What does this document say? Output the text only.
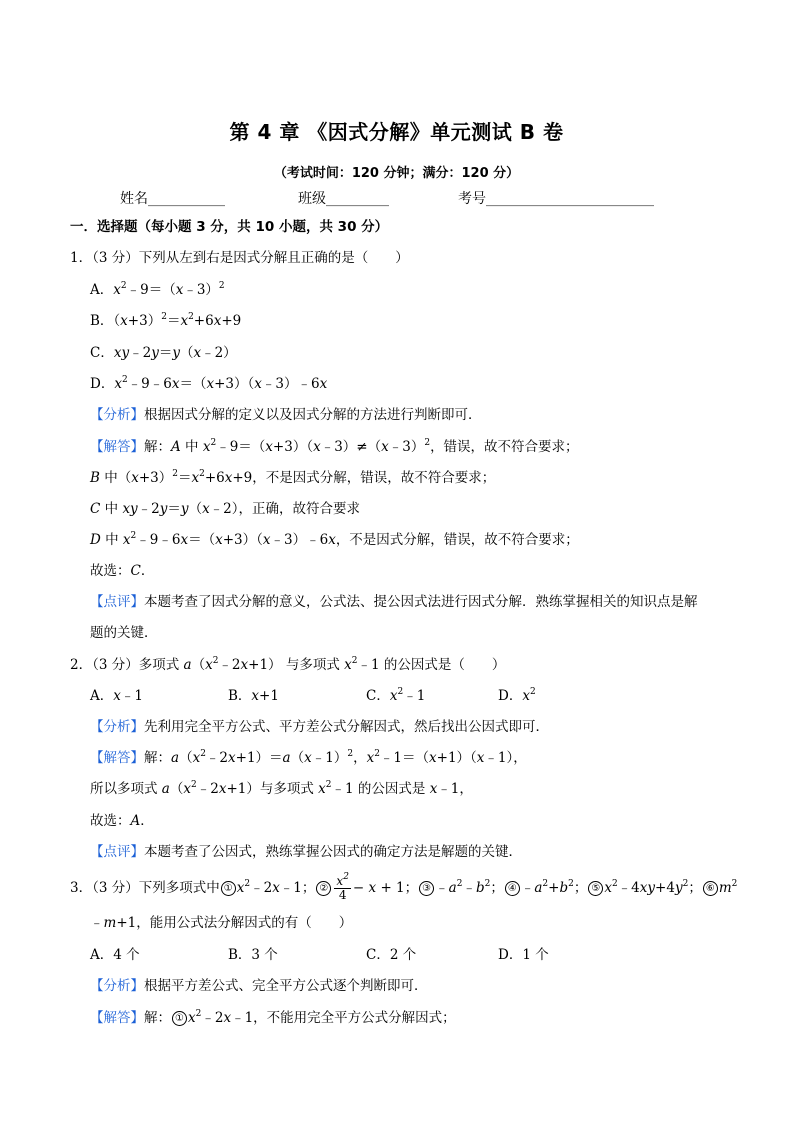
第 4 章 《因式分解》单元测试 B 卷
（考试时间：120 分钟；满分：120 分）
姓名___________	班级_________	考号________________________
一．选择题（每小题 3 分，共 10 小题，共 30 分）
1．（3 分）下列从左到右是因式分解且正确的是（　　）
A．$x^2﹣9=(x﹣3)^2$
B．$(x+3)^2=x^2+6x+9$
C．xy﹣2y＝y（x﹣2）
D．$x^2﹣9﹣6x=(x+3)(x﹣3)﹣6x$
【分析】根据因式分解的定义以及因式分解的方法进行判断即可．
【解答】解：A 中 $x^2﹣9=(x+3)(x﹣3)\ne(x﹣3)^2$，错误，故不符合要求；
B 中$(x+3)^2=x^2+6x+9$，不是因式分解，错误，故不符合要求；
C 中 xy﹣2y＝y（x﹣2），正确，故符合要求
D 中 $x^2﹣9﹣6x=(x+3)(x﹣3)﹣6x$，不是因式分解，错误，故不符合要求；
故选：C．
【点评】本题考查了因式分解的意义，公式法、提公因式法进行因式分解．熟练掌握相关的知识点是解
题的关键．
2．（3 分）多项式 $a(x^2﹣2x+1)$ 与多项式 $x^2﹣1$ 的公因式是（　　）
A．x﹣1	B．x+1	C．$x^2﹣1$	D．$x^2$
【分析】先利用完全平方公式、平方差公式分解因式，然后找出公因式即可．
【解答】解：$a(x^2﹣2x+1)=a(x﹣1)^2$，$x^2﹣1=(x+1)(x﹣1)$，
所以多项式 $a(x^2﹣2x+1)$与多项式 $x^2﹣1$ 的公因式是 x﹣1，
故选：A．
【点评】本题考查了公因式，熟练掌握公因式的确定方法是解题的关键．
3．（3 分）下列多项式中 ① $x^2﹣2x﹣1$； ② $\frac{x^2}{4} - x + 1$； ③ $﹣a^2﹣b^2$； ④ $﹣a^2+b^2$； ⑤ $x^2﹣4xy+4y^2$； ⑥ $m^2$
﹣m+1，能用公式法分解因式的有（　　）
A．4 个	B．3 个	C．2 个	D．1 个
【分析】根据平方差公式、完全平方公式逐个判断即可．
【解答】解： ① $x^2﹣2x﹣1$，不能用完全平方公式分解因式；
